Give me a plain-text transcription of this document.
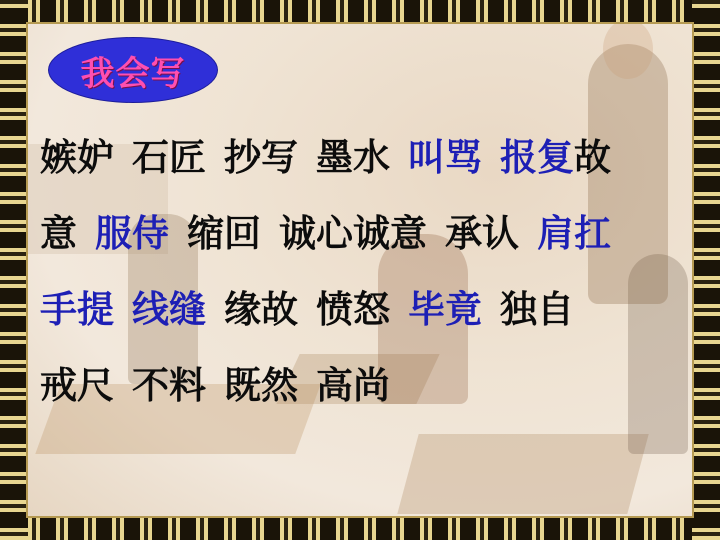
我会写
嫉妒 石匠 抄写 墨水 叫骂 报复故
意 服侍 缩回 诚心诚意 承认 肩扛
手提 线缝 缘故 愤怒 毕竟 独自
戒尺 不料 既然 高尚
